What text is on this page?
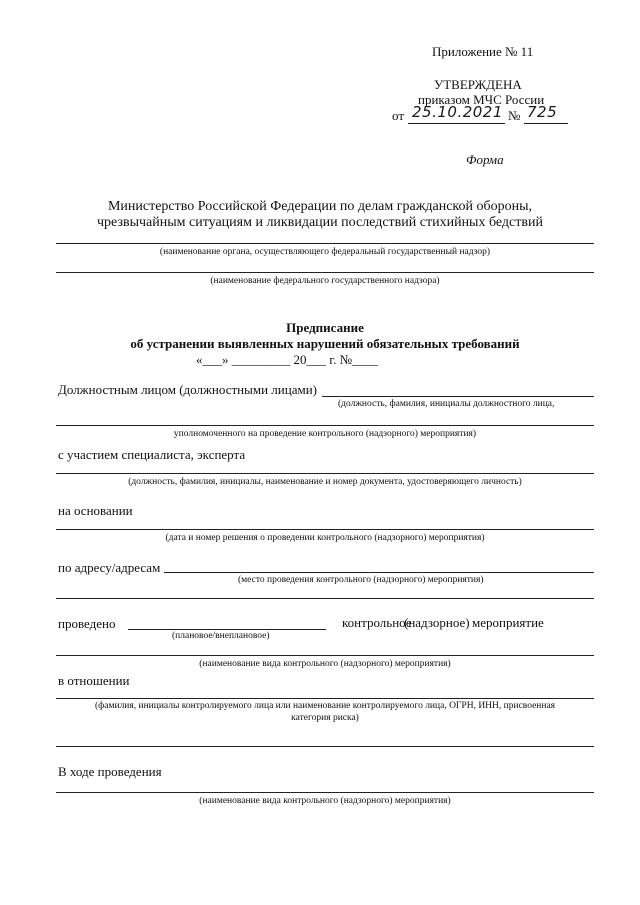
Приложение № 11
УТВЕРЖДЕНА
приказом МЧС России
от 25.10.2021 № 725
Форма
Министерство Российской Федерации по делам гражданской обороны,
чрезвычайным ситуациям и ликвидации последствий стихийных бедствий
(наименование органа, осуществляющего федеральный государственный надзор)
(наименование федерального государственного надзора)
Предписание
об устранении выявленных нарушений обязательных требований
«___» _________ 20___ г. №____
Должностным лицом (должностными лицами)
(должность, фамилия, инициалы должностного лица,
уполномоченного на проведение контрольного (надзорного) мероприятия)
с участием специалиста, эксперта
(должность, фамилия, инициалы, наименование и номер документа, удостоверяющего личность)
на основании
(дата и номер решения о проведении контрольного (надзорного) мероприятия)
по адресу/адресам
(место проведения контрольного (надзорного) мероприятия)
проведено
(плановое/внеплановое)
контрольное
(надзорное) мероприятие
(наименование вида контрольного (надзорного) мероприятия)
в отношении
(фамилия, инициалы контролируемого лица или наименование контролируемого лица, ОГРН, ИНН, присвоенная
категория риска)
В ходе проведения
(наименование вида контрольного (надзорного) мероприятия)
